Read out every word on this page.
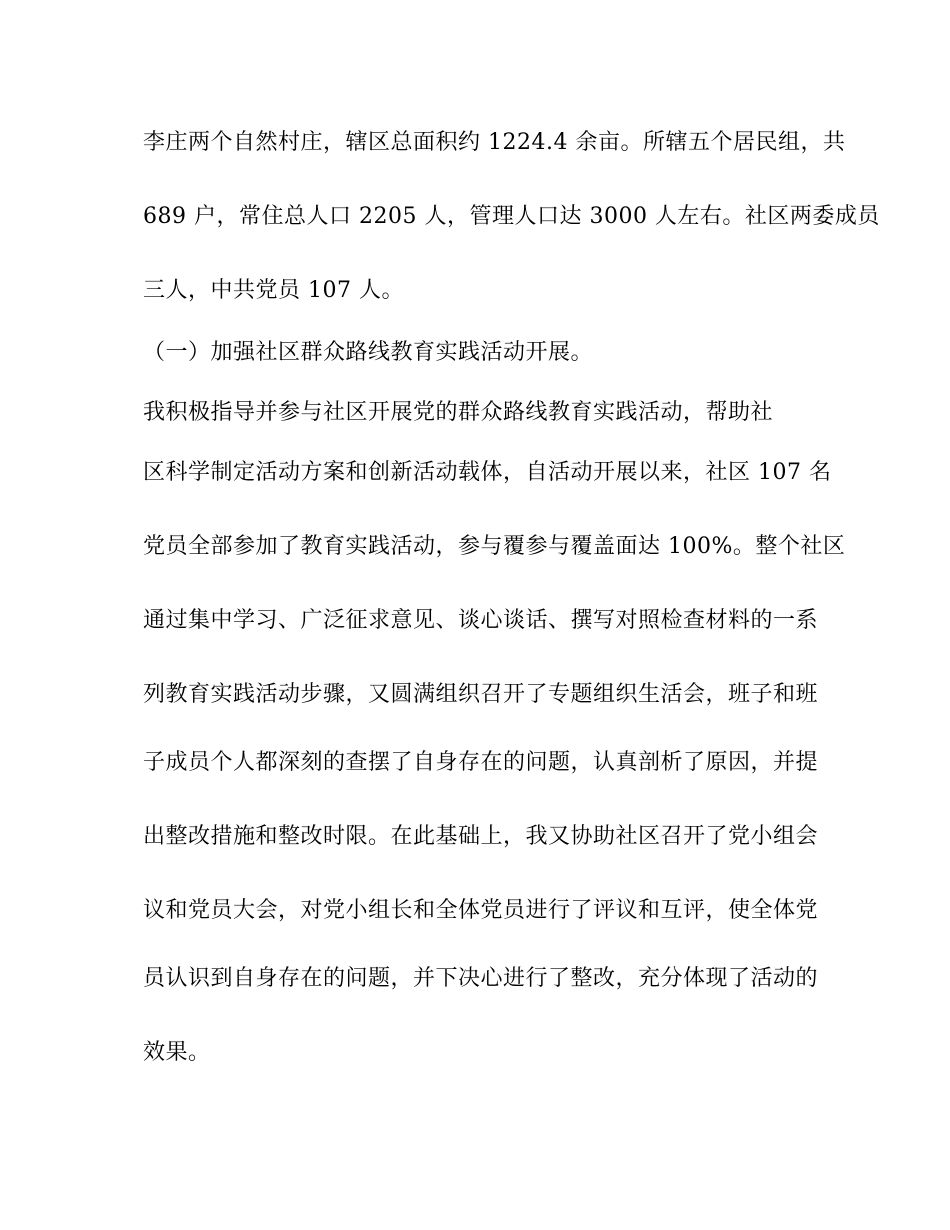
李庄两个自然村庄，辖区总面积约 1224.4 余亩。所辖五个居民组，共
689 户，常住总人口 2205 人，管理人口达 3000 人左右。社区两委成员
三人，中共党员 107 人。
（一）加强社区群众路线教育实践活动开展。
我积极指导并参与社区开展党的群众路线教育实践活动，帮助社
区科学制定活动方案和创新活动载体，自活动开展以来，社区 107 名
党员全部参加了教育实践活动，参与覆参与覆盖面达 100%。整个社区
通过集中学习、广泛征求意见、谈心谈话、撰写对照检查材料的一系
列教育实践活动步骤，又圆满组织召开了专题组织生活会，班子和班
子成员个人都深刻的查摆了自身存在的问题，认真剖析了原因，并提
出整改措施和整改时限。在此基础上，我又协助社区召开了党小组会
议和党员大会，对党小组长和全体党员进行了评议和互评，使全体党
员认识到自身存在的问题，并下决心进行了整改，充分体现了活动的
效果。
